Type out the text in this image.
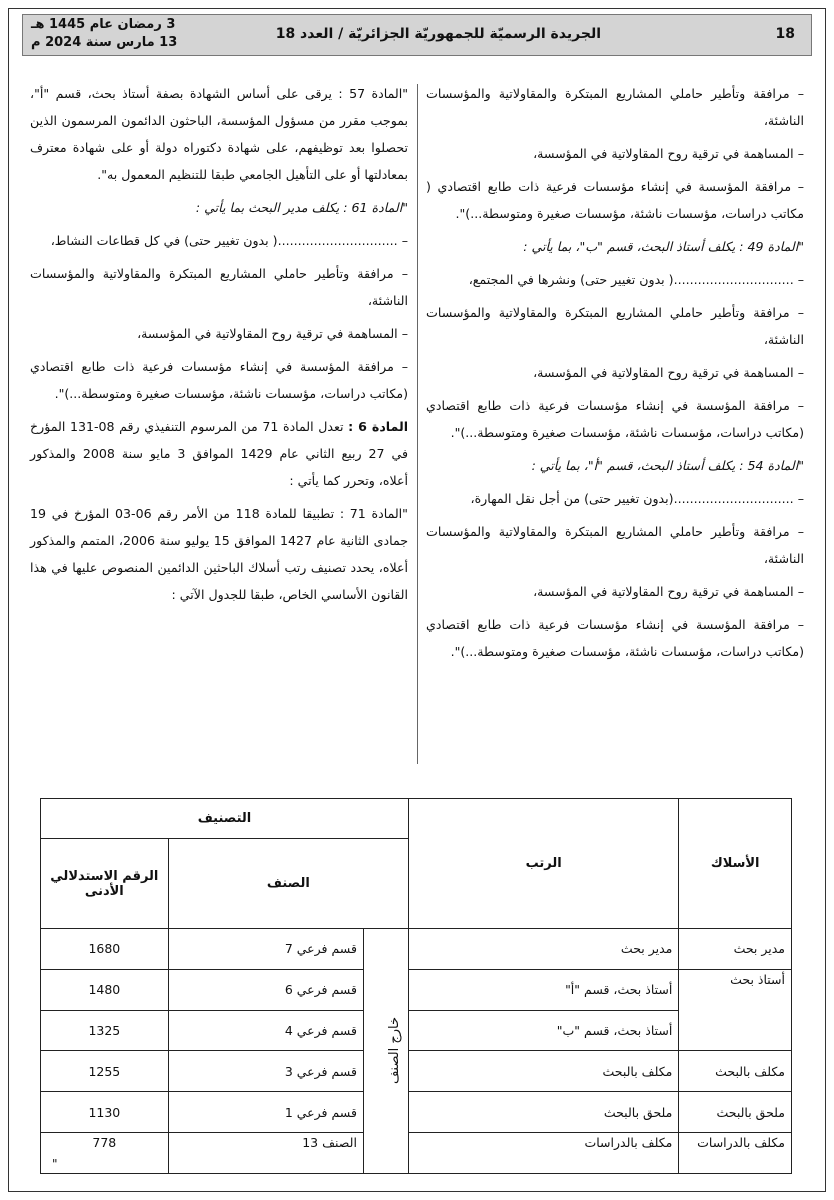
18
الجريدة الرسميّة للجمهوريّة الجزائريّة / العدد 18
3 رمضان عام 1445 هـ
13 مارس سنة 2024 م

– مرافقة وتأطير حاملي المشاريع المبتكرة والمقاولاتية والمؤسسات الناشئة،

– المساهمة في ترقية روح المقاولاتية في المؤسسة،

– مرافقة المؤسسة في إنشاء مؤسسات فرعية ذات طابع اقتصادي ( مكاتب دراسات، مؤسسات ناشئة، مؤسسات صغيرة ومتوسطة...)".

"المادة 49 : يكلف أستاذ البحث، قسم "ب"، بما يأتي :

– ..............................( بدون تغيير حتى) ونشرها في المجتمع،

– مرافقة وتأطير حاملي المشاريع المبتكرة والمقاولاتية والمؤسسات الناشئة،

– المساهمة في ترقية روح المقاولاتية في المؤسسة،

– مرافقة المؤسسة في إنشاء مؤسسات فرعية ذات طابع اقتصادي (مكاتب دراسات، مؤسسات ناشئة، مؤسسات صغيرة ومتوسطة...)".

"المادة 54 : يكلف أستاذ البحث، قسم "أ"، بما يأتي :

– ..............................(بدون تغيير حتى) من أجل نقل المهارة،

– مرافقة وتأطير حاملي المشاريع المبتكرة والمقاولاتية والمؤسسات الناشئة،

– المساهمة في ترقية روح المقاولاتية في المؤسسة،

– مرافقة المؤسسة في إنشاء مؤسسات فرعية ذات طابع اقتصادي (مكاتب دراسات، مؤسسات ناشئة، مؤسسات صغيرة ومتوسطة...)".

"المادة 57 : يرقى على أساس الشهادة بصفة أستاذ بحث، قسم "أ"، بموجب مقرر من مسؤول المؤسسة، الباحثون الدائمون المرسمون الذين تحصلوا بعد توظيفهم، على شهادة دكتوراه دولة أو على شهادة معترف بمعادلتها أو على التأهيل الجامعي طبقا للتنظيم المعمول به".

"المادة 61 : يكلف مدير البحث بما يأتي :

– ..............................( بدون تغيير حتى) في كل قطاعات النشاط،

– مرافقة وتأطير حاملي المشاريع المبتكرة والمقاولاتية والمؤسسات الناشئة،

– المساهمة في ترقية روح المقاولاتية في المؤسسة،

– مرافقة المؤسسة في إنشاء مؤسسات فرعية ذات طابع اقتصادي (مكاتب دراسات، مؤسسات ناشئة، مؤسسات صغيرة ومتوسطة...)".

المادة 6 : تعدل المادة 71 من المرسوم التنفيذي رقم 08-131 المؤرخ في 27 ربيع الثاني عام 1429 الموافق 3 مايو سنة 2008 والمذكور أعلاه، وتحرر كما يأتي :

"المادة 71 : تطبيقا للمادة 118 من الأمر رقم 06-03 المؤرخ في 19 جمادى الثانية عام 1427 الموافق 15 يوليو سنة 2006، المتمم والمذكور أعلاه، يحدد تصنيف رتب أسلاك الباحثين الدائمين المنصوص عليها في هذا القانون الأساسي الخاص، طبقا للجدول الآتي :

الأسلاك	الرتب	التصنيف		
		الصنف		الرقم الاستدلالي الأدنى
مدير بحث	مدير بحث	خارج الصنف	قسم فرعي 7	1680
أستاذ بحث	أستاذ بحث، قسم "أ"		قسم فرعي 6	1480
	أستاذ بحث، قسم "ب"		قسم فرعي 4	1325
مكلف بالبحث	مكلف بالبحث		قسم فرعي 3	1255
ملحق بالبحث	ملحق بالبحث		قسم فرعي 1	1130
مكلف بالدراسات	مكلف بالدراسات		الصنف 13	778
"
